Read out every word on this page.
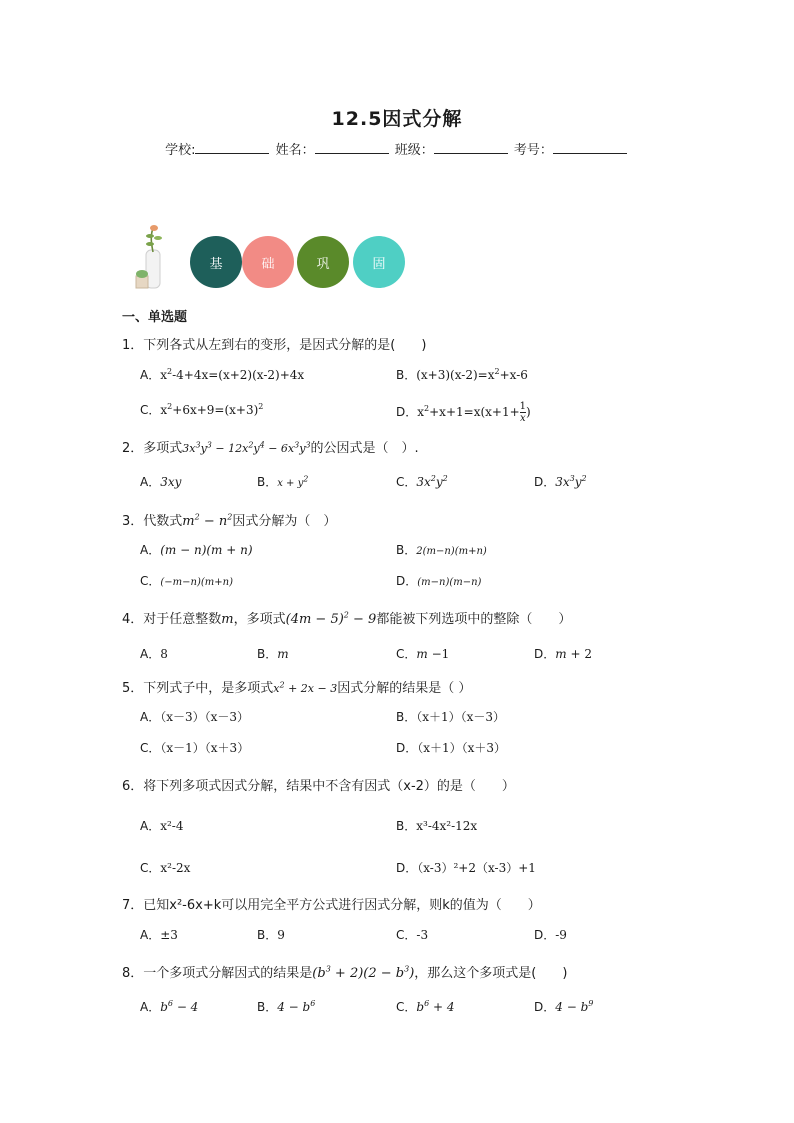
12.5因式分解
学校:	姓名：	班级：	考号：
基	础	巩	固
一、单选题
1．下列各式从左到右的变形，是因式分解的是(　　)
A．$x^2-4+4x=(x+2)(x-2)+4x$	B．$(x+3)(x-2)=x^2+x-6$
C．$x^2+6x+9=(x+3)^2$	D．$x^2+x+1=x(x+1+ \frac{1}{x}$ )
2．多项式$3x^3y^3 - 12x^2y^4 - 6x^3y^3$的公因式是（　）.
A．3xy	B．$x + y^2$	C．$3x^2y^2$	D．$3x^3y^2$
3．代数式$m^2 - n^2$因式分解为（　）
A．(m − n)(m + n)	B．2(m−n)(m+n)
C．(−m−n)(m+n)	D．(m−n)(m−n)
4．对于任意整数m，多项式$(4m - 5)^2 - 9$都能被下列选项中的整除（　　）
A．8	B．m	C．m −1	D．m + 2
5．下列式子中，是多项式$x^2 + 2x - 3$因式分解的结果是（ ）
A．（x－3）（x－3）	B．（x＋1）（x－3）
C．（x－1）（x＋3）	D．（x＋1）（x＋3）
6．将下列多项式因式分解，结果中不含有因式（x-2）的是（　　）
A．x²-4	B．x³-4x²-12x
C．x²-2x	D．（x-3）²+2（x-3）+1
7．已知x²-6x+k可以用完全平方公式进行因式分解，则k的值为（　　）
A．±3	B．9	C．-3	D．-9
8．一个多项式分解因式的结果是$(b^3 + 2)(2 - b^3)$，那么这个多项式是(　　)
A．$b^6 - 4$	B．$4 - b^6$	C．$b^6 + 4$	D．$4 - b^9$
